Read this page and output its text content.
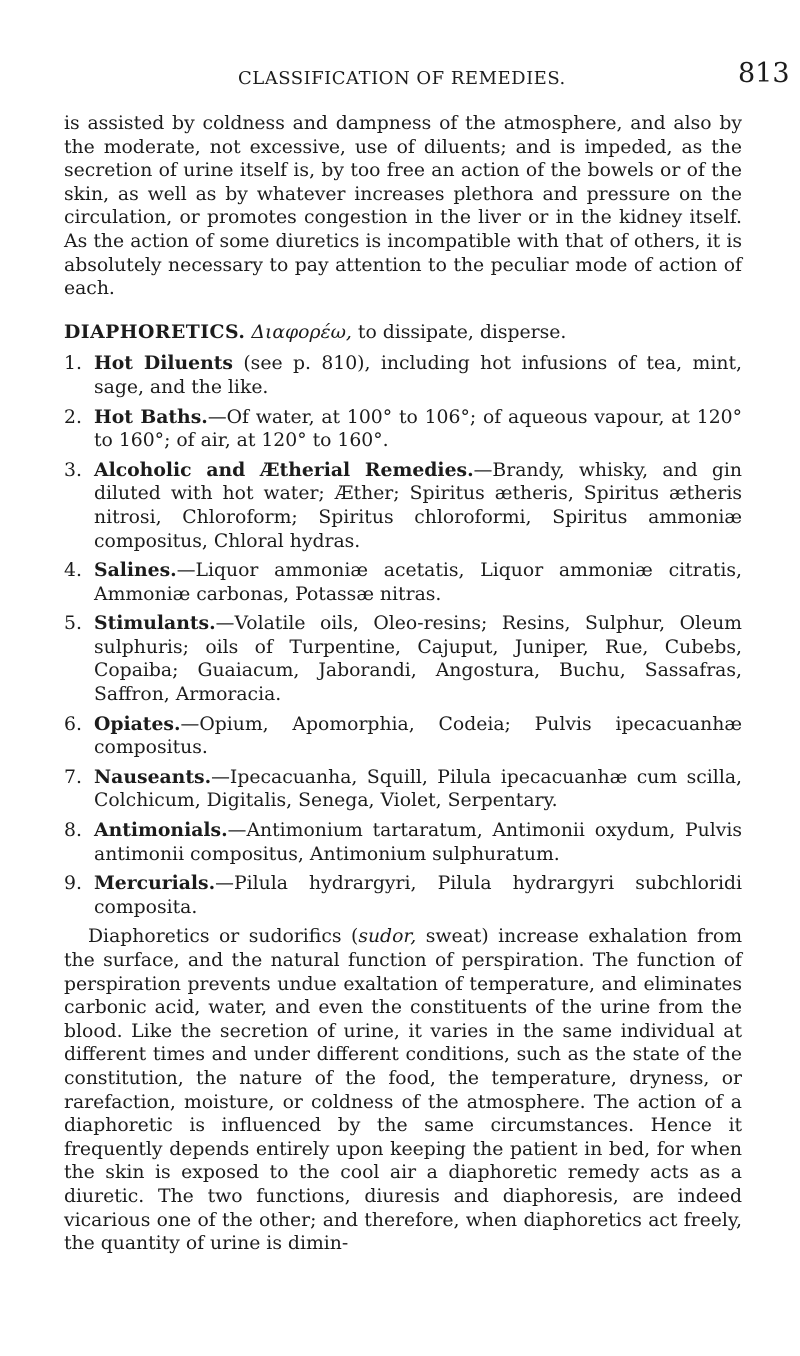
CLASSIFICATION OF REMEDIES.	813

is assisted by coldness and dampness of the atmosphere, and also by the moderate, not excessive, use of diluents; and is impeded, as the secretion of urine itself is, by too free an action of the bowels or of the skin, as well as by whatever increases plethora and pressure on the circulation, or promotes congestion in the liver or in the kidney itself. As the action of some diuretics is incompatible with that of others, it is absolutely necessary to pay attention to the peculiar mode of action of each.

DIAPHORETICS. Διαφορέω, to dissipate, disperse.

1. Hot Diluents (see p. 810), including hot infusions of tea, mint, sage, and the like.
2. Hot Baths.—Of water, at 100° to 106°; of aqueous vapour, at 120° to 160°; of air, at 120° to 160°.
3. Alcoholic and Ætherial Remedies.—Brandy, whisky, and gin diluted with hot water; Æther; Spiritus ætheris, Spiritus ætheris nitrosi, Chloroform; Spiritus chloroformi, Spiritus ammoniæ compositus, Chloral hydras.
4. Salines.—Liquor ammoniæ acetatis, Liquor ammoniæ citratis, Ammoniæ carbonas, Potassæ nitras.
5. Stimulants.—Volatile oils, Oleo-resins; Resins, Sulphur, Oleum sulphuris; oils of Turpentine, Cajuput, Juniper, Rue, Cubebs, Copaiba; Guaiacum, Jaborandi, Angostura, Buchu, Sassafras, Saffron, Armoracia.
6. Opiates.—Opium, Apomorphia, Codeia; Pulvis ipecacuanhæ compositus.
7. Nauseants.—Ipecacuanha, Squill, Pilula ipecacuanhæ cum scilla, Colchicum, Digitalis, Senega, Violet, Serpentary.
8. Antimonials.—Antimonium tartaratum, Antimonii oxydum, Pulvis antimonii compositus, Antimonium sulphuratum.
9. Mercurials.—Pilula hydrargyri, Pilula hydrargyri subchloridi composita.

Diaphoretics or sudorifics (sudor, sweat) increase exhalation from the surface, and the natural function of perspiration. The function of perspiration prevents undue exaltation of temperature, and eliminates carbonic acid, water, and even the constituents of the urine from the blood. Like the secretion of urine, it varies in the same individual at different times and under different conditions, such as the state of the constitution, the nature of the food, the temperature, dryness, or rarefaction, moisture, or coldness of the atmosphere. The action of a diaphoretic is influenced by the same circumstances. Hence it frequently depends entirely upon keeping the patient in bed, for when the skin is exposed to the cool air a diaphoretic remedy acts as a diuretic. The two functions, diuresis and diaphoresis, are indeed vicarious one of the other; and therefore, when diaphoretics act freely, the quantity of urine is dimin-
